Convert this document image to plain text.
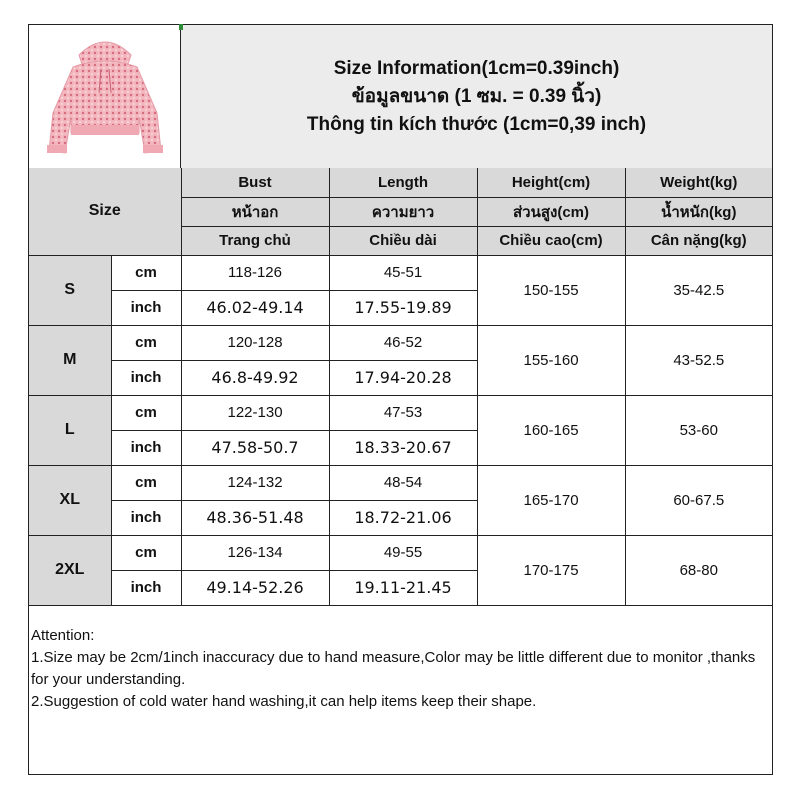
Size Information(1cm=0.39inch)
ข้อมูลขนาด (1 ซม. = 0.39 นิ้ว)
Thông tin kích thước (1cm=0,39 inch)
Size		Bust	Length	Height(cm)	Weight(kg)
		หน้าอก	ความยาว	ส่วนสูง(cm)	น้ำหนัก(kg)
		Trang chủ	Chiều dài	Chiều cao(cm)	Cân nặng(kg)
S	cm	118-126	45-51	150-155	35-42.5
	inch	46.02-49.14	17.55-19.89		
M	cm	120-128	46-52	155-160	43-52.5
	inch	46.8-49.92	17.94-20.28		
L	cm	122-130	47-53	160-165	53-60
	inch	47.58-50.7	18.33-20.67		
XL	cm	124-132	48-54	165-170	60-67.5
	inch	48.36-51.48	18.72-21.06		
2XL	cm	126-134	49-55	170-175	68-80
	inch	49.14-52.26	19.11-21.45		
Attention:
1.Size may be 2cm/1inch inaccuracy due to hand measure,Color may be little different due to monitor ,thanks for your understanding.
2.Suggestion of cold water hand washing,it can help items keep their shape.
